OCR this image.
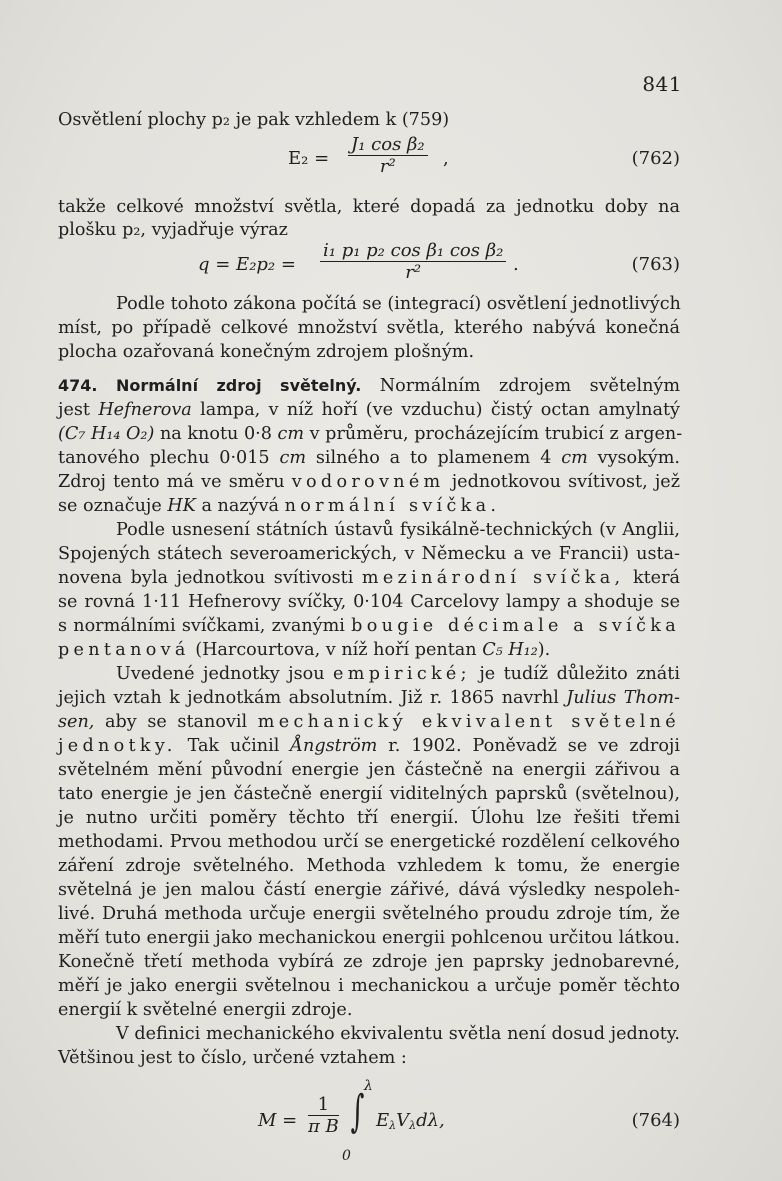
841
Osvětlení plochy p₂ je pak vzhledem k (759)
$E_2 = \frac{\text{J₁ cos β₂}}{\text{r²}}$ ,	(762)
takže celkové množství světla, které dopadá za jednotku doby na
plošku p₂, vyjadřuje výraz
$q = E_2p_2 = \frac{\text{i₁ p₁ p₂ cos β₁ cos β₂}}{\text{r²}}$ .	(763)
Podle tohoto zákona počítá se (integrací) osvětlení jednotlivých
míst, po případě celkové množství světla, kterého nabývá konečná
plocha ozařovaná konečným zdrojem plošným.
474. Normální zdroj světelný. Normálním zdrojem světelným
jest Hefnerova lampa, v níž hoří (ve vzduchu) čistý octan amylnatý
(C₇ H₁₄ O₂) na knotu 0·8 cm v průměru, procházejícím trubicí z argen-
tanového plechu 0·015 cm silného a to plamenem 4 cm vysokým.
Zdroj tento má ve směru vodorovném jednotkovou svítivost, jež
se označuje HK a nazývá normální svíčka.
Podle usnesení státních ústavů fysikálně-technických (v Anglii,
Spojených státech severoamerických, v Německu a ve Francii) usta-
novena byla jednotkou svítivosti mezinárodní svíčka, která
se rovná 1·11 Hefnerovy svíčky, 0·104 Carcelovy lampy a shoduje se
s normálními svíčkami, zvanými bougie décimale a svíčka
pentanová (Harcourtova, v níž hoří pentan C₅ H₁₂).
Uvedené jednotky jsou empirické; je tudíž důležito znáti
jejich vztah k jednotkám absolutním. Již r. 1865 navrhl Julius Thom-
sen, aby se stanovil mechanický ekvivalent světelné
jednotky. Tak učinil Ångström r. 1902. Poněvadž se ve zdroji
světelném mění původní energie jen částečně na energii zářivou a
tato energie je jen částečně energií viditelných paprsků (světelnou),
je nutno určiti poměry těchto tří energií. Úlohu lze řešiti třemi
methodami. Prvou methodou určí se energetické rozdělení celkového
záření zdroje světelného. Methoda vzhledem k tomu, že energie
světelná je jen malou částí energie zářivé, dává výsledky nespoleh-
livé. Druhá methoda určuje energii světelného proudu zdroje tím, že
měří tuto energii jako mechanickou energii pohlcenou určitou látkou.
Konečně třetí methoda vybírá ze zdroje jen paprsky jednobarevné,
měří je jako energii světelnou i mechanickou a určuje poměr těchto
energií k světelné energii zdroje.
V definici mechanického ekvivalentu světla není dosud jednoty.
Většinou jest to číslo, určené vztahem :
$M = \frac{1}{\text{π B}}$
λ
∫
0
$E_\lambda V_\lambda d\lambda$,	(764)
